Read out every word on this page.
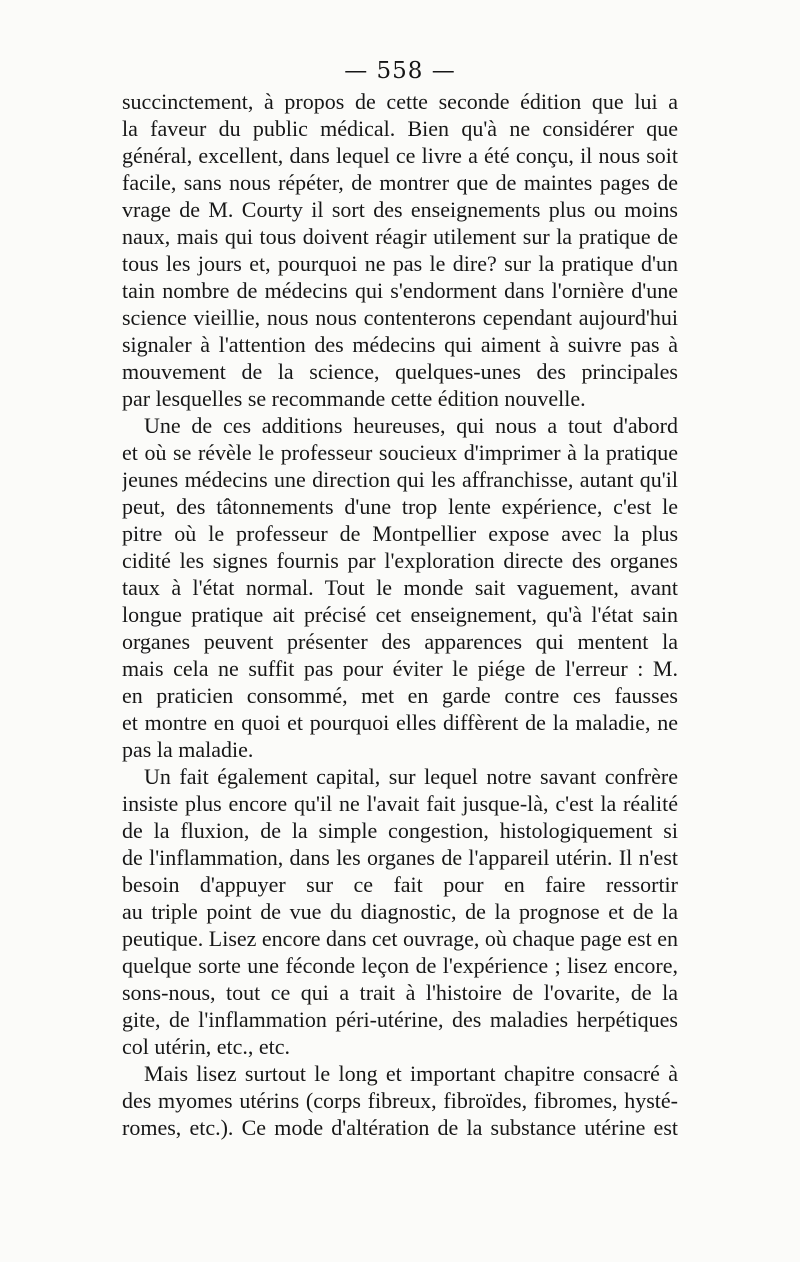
— 558 —
succinctement, à propos de cette seconde édition que lui a
la faveur du public médical. Bien qu'à ne considérer que
général, excellent, dans lequel ce livre a été conçu, il nous soit
facile, sans nous répéter, de montrer que de maintes pages de
vrage de M. Courty il sort des enseignements plus ou moins
naux, mais qui tous doivent réagir utilement sur la pratique de
tous les jours et, pourquoi ne pas le dire? sur la pratique d'un
tain nombre de médecins qui s'endorment dans l'ornière d'une
science vieillie, nous nous contenterons cependant aujourd'hui
signaler à l'attention des médecins qui aiment à suivre pas à
mouvement de la science, quelques-unes des principales
par lesquelles se recommande cette édition nouvelle.
Une de ces additions heureuses, qui nous a tout d'abord
et où se révèle le professeur soucieux d'imprimer à la pratique
jeunes médecins une direction qui les affranchisse, autant qu'il
peut, des tâtonnements d'une trop lente expérience, c'est le
pitre où le professeur de Montpellier expose avec la plus
cidité les signes fournis par l'exploration directe des organes
taux à l'état normal. Tout le monde sait vaguement, avant
longue pratique ait précisé cet enseignement, qu'à l'état sain
organes peuvent présenter des apparences qui mentent la
mais cela ne suffit pas pour éviter le piége de l'erreur : M.
en praticien consommé, met en garde contre ces fausses
et montre en quoi et pourquoi elles diffèrent de la maladie, ne
pas la maladie.
Un fait également capital, sur lequel notre savant confrère
insiste plus encore qu'il ne l'avait fait jusque-là, c'est la réalité
de la fluxion, de la simple congestion, histologiquement si
de l'inflammation, dans les organes de l'appareil utérin. Il n'est
besoin d'appuyer sur ce fait pour en faire ressortir
au triple point de vue du diagnostic, de la prognose et de la
peutique. Lisez encore dans cet ouvrage, où chaque page est en
quelque sorte une féconde leçon de l'expérience ; lisez encore,
sons-nous, tout ce qui a trait à l'histoire de l'ovarite, de la
gite, de l'inflammation péri-utérine, des maladies herpétiques
col utérin, etc., etc.
Mais lisez surtout le long et important chapitre consacré à
des myomes utérins (corps fibreux, fibroïdes, fibromes, hysté-
romes, etc.). Ce mode d'altération de la substance utérine est
